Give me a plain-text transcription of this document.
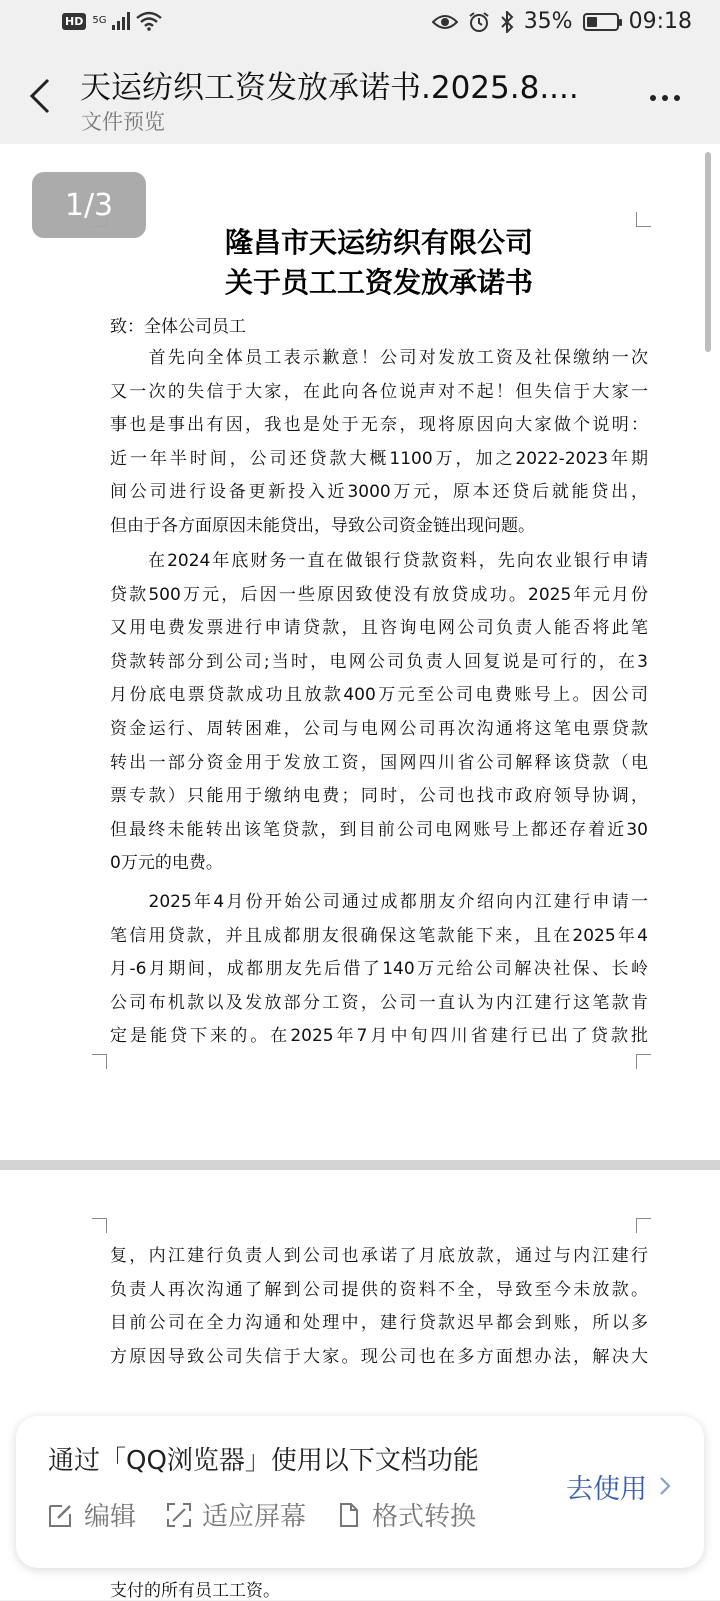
HD 5G	35%	09:18
天运纺织工资发放承诺书.2025.8....
文件预览
隆昌市天运纺织有限公司
关于员工工资发放承诺书
致：全体公司员工

　　首先向全体员工表示歉意！公司对发放工资及社保缴纳一次
又一次的失信于大家，在此向各位说声对不起！但失信于大家一
事也是事出有因，我也是处于无奈，现将原因向大家做个说明：
近一年半时间，公司还贷款大概1100万，加之2022-2023年期
间公司进行设备更新投入近3000万元，原本还贷后就能贷出，
但由于各方面原因未能贷出，导致公司资金链出现问题。

　　在2024年底财务一直在做银行贷款资料，先向农业银行申请
贷款500万元，后因一些原因致使没有放贷成功。2025年元月份
又用电费发票进行申请贷款，且咨询电网公司负责人能否将此笔
贷款转部分到公司;当时，电网公司负责人回复说是可行的，在3
月份底电票贷款成功且放款400万元至公司电费账号上。因公司
资金运行、周转困难，公司与电网公司再次沟通将这笔电票贷款
转出一部分资金用于发放工资，国网四川省公司解释该贷款（电
票专款）只能用于缴纳电费；同时，公司也找市政府领导协调，
但最终未能转出该笔贷款，到目前公司电网账号上都还存着近30
0万元的电费。

　　2025年4月份开始公司通过成都朋友介绍向内江建行申请一
笔信用贷款，并且成都朋友很确保这笔款能下来，且在2025年4
月-6月期间，成都朋友先后借了140万元给公司解决社保、长岭
公司布机款以及发放部分工资，公司一直认为内江建行这笔款肯
定是能贷下来的。在2025年7月中旬四川省建行已出了贷款批

1/3

复，内江建行负责人到公司也承诺了月底放款，通过与内江建行
负责人再次沟通了解到公司提供的资料不全，导致至今未放款。
目前公司在全力沟通和处理中，建行贷款迟早都会到账，所以多
方原因导致公司失信于大家。现公司也在多方面想办法，解决大

支付的所有员工工资。
通过「QQ浏览器」使用以下文档功能
编辑	适应屏幕	格式转换
去使用
